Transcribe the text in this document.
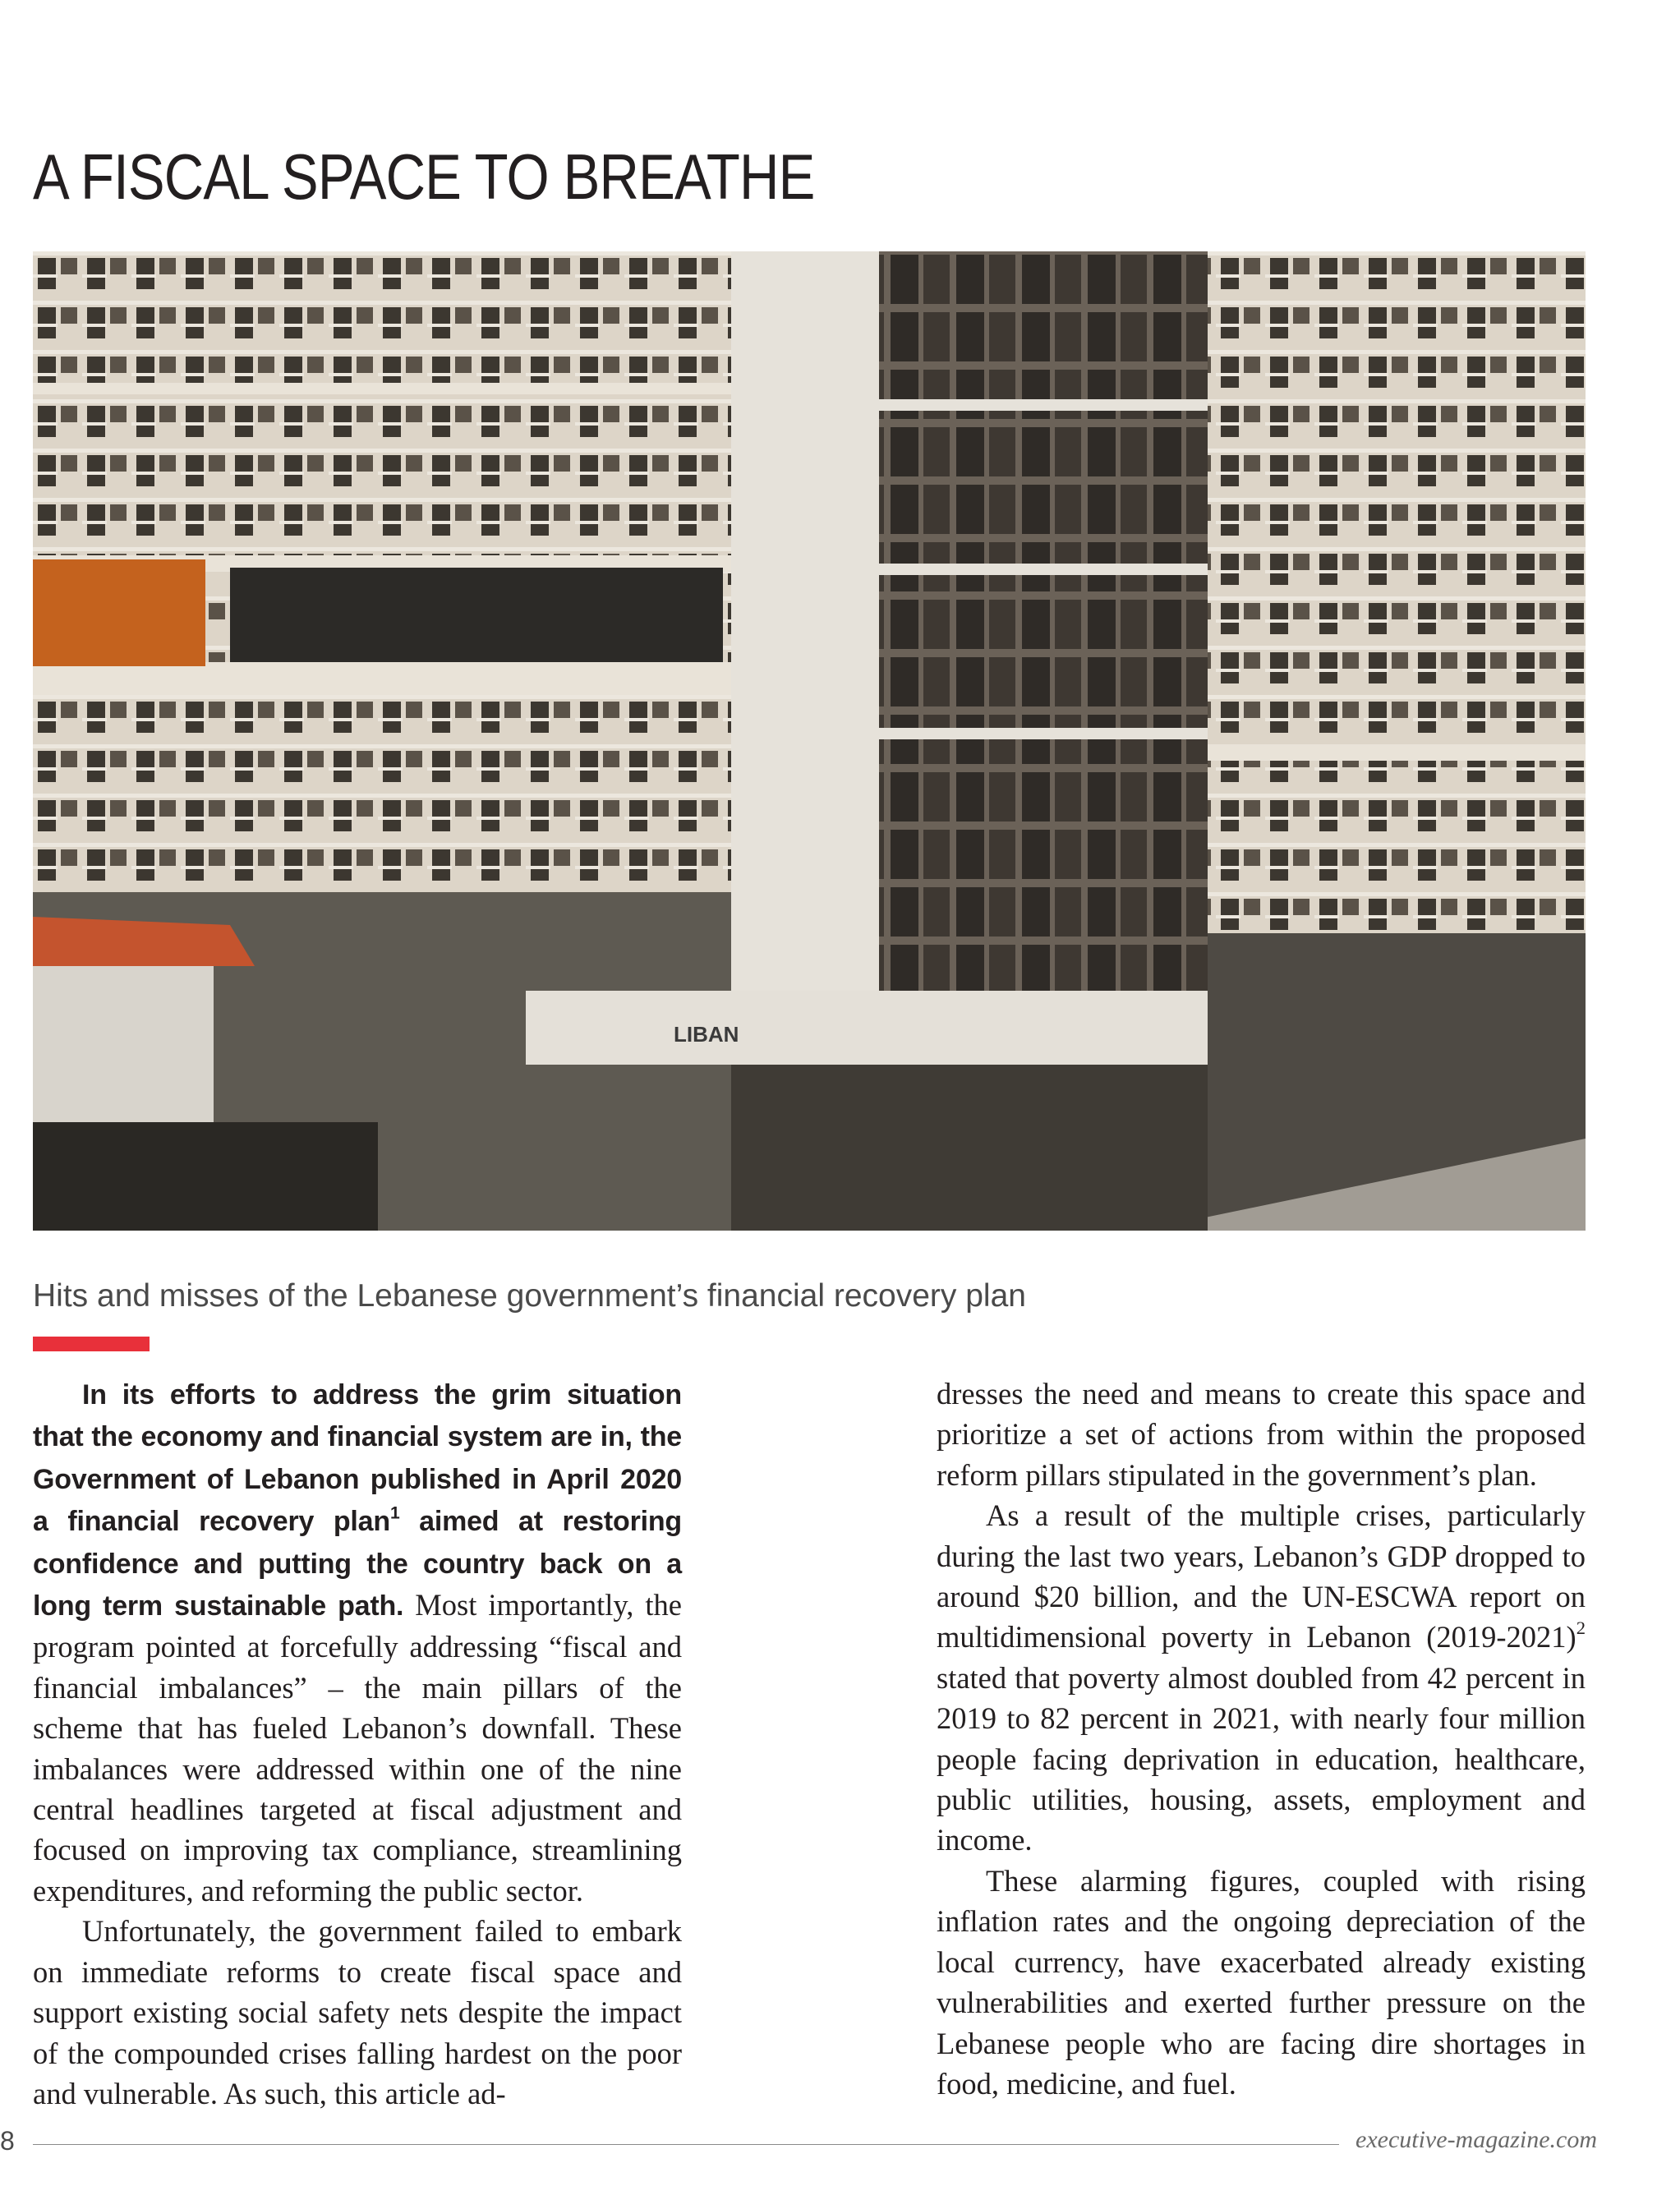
A FISCAL SPACE TO BREATHE
LIBAN
Hits and misses of the Lebanese government’s financial recovery plan

In its efforts to address the grim situation that the economy and financial system are in, the Government of Lebanon published in April 2020 a financial recovery plan$^1$ aimed at restoring confidence and putting the country back on a long term sustainable path. Most importantly, the program pointed at forcefully addressing “fiscal and financial imbalances” – the main pillars of the scheme that has fueled Lebanon’s downfall. These imbalances were addressed within one of the nine central headlines targeted at fiscal adjustment and focused on improving tax compliance, streamlining expenditures, and reforming the public sector.

Unfortunately, the government failed to embark on immediate reforms to create fiscal space and support existing social safety nets despite the impact of the compounded crises falling hardest on the poor and vulnerable. As such, this article ad-

dresses the need and means to create this space and prioritize a set of actions from within the proposed reform pillars stipulated in the government’s plan.

As a result of the multiple crises, particularly during the last two years, Lebanon’s GDP dropped to around $20 billion, and the UN-ESCWA report on multidimensional poverty in Lebanon (2019-2021)$^2$ stated that poverty almost doubled from 42 percent in 2019 to 82 percent in 2021, with nearly four million people facing deprivation in education, healthcare, public utilities, housing, assets, employment and income.

These alarming figures, coupled with rising inflation rates and the ongoing depreciation of the local currency, have exacerbated already existing vulnerabilities and exerted further pressure on the Lebanese people who are facing dire shortages in food, medicine, and fuel.

8	executive-magazine.com
